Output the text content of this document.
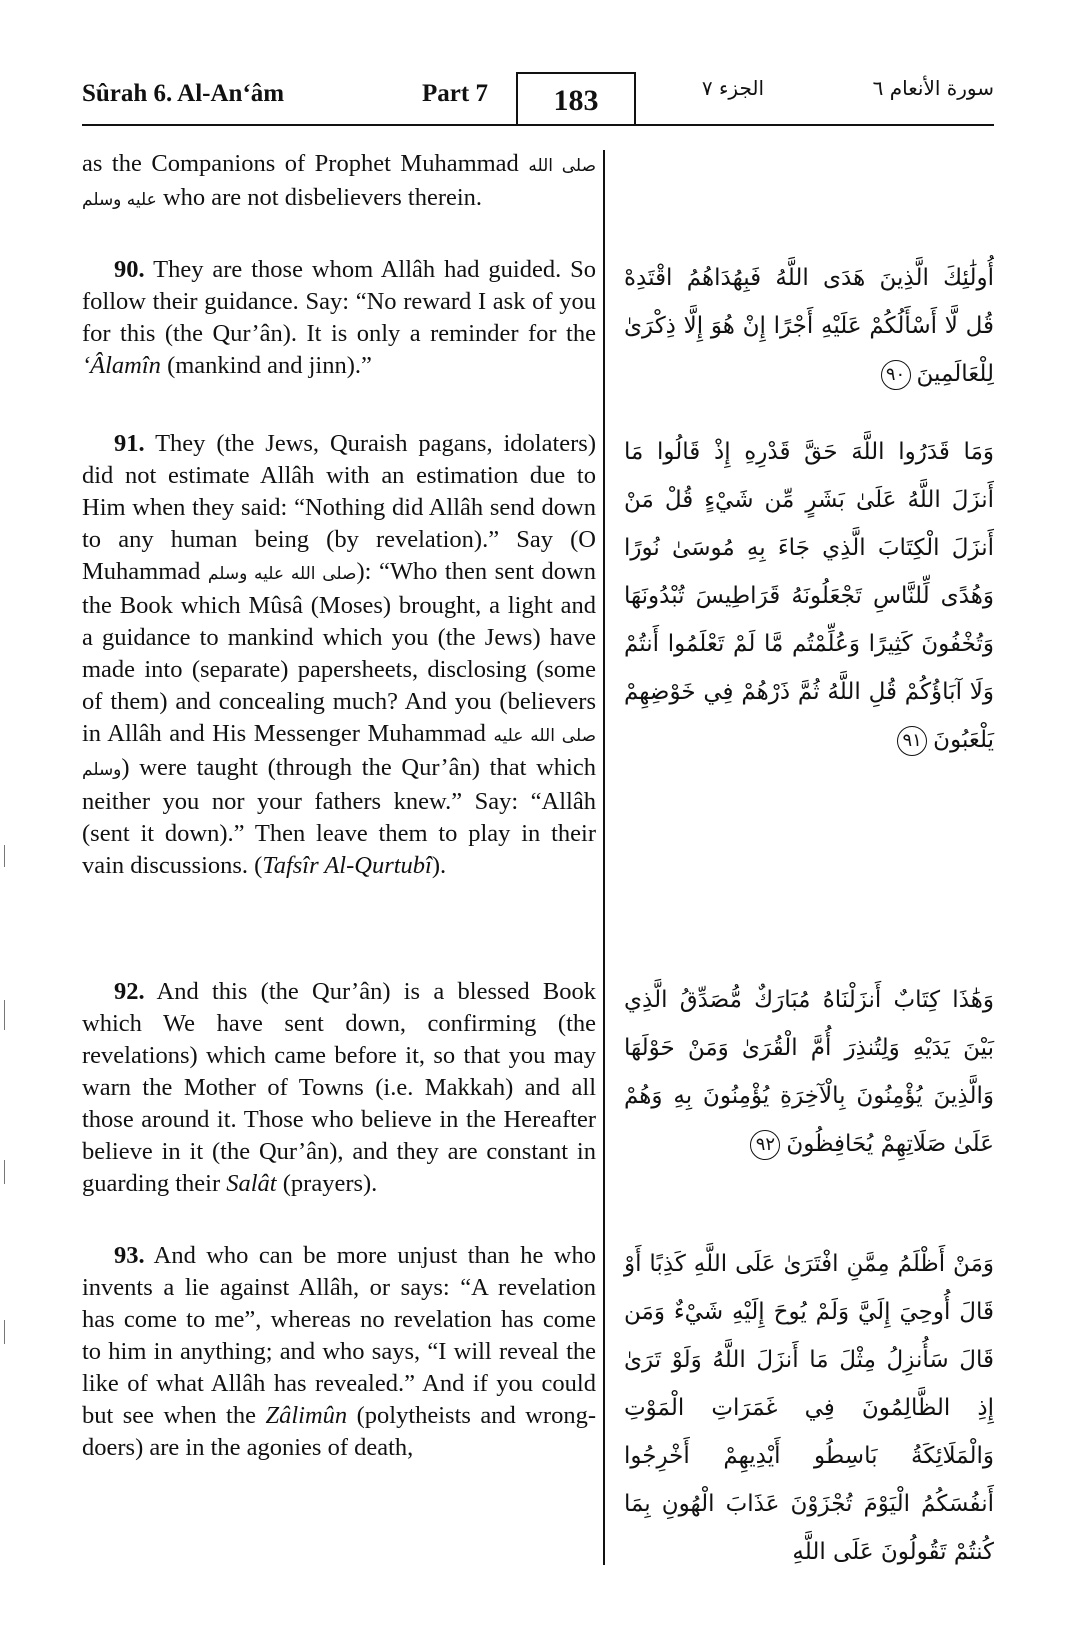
Sûrah 6. Al-An‘âm	Part 7	183	الجزء ٧	سورة الأنعام ٦

as the Companions of Prophet Muhammad صلى الله عليه وسلم who are not disbelievers therein.

90. They are those whom Allâh had guided. So follow their guidance. Say: “No reward I ask of you for this (the Qur’ân). It is only a reminder for the ‘Âlamîn (mankind and jinn).”

91. They (the Jews, Quraish pagans, idolaters) did not estimate Allâh with an estimation due to Him when they said: “Nothing did Allâh send down to any human being (by revelation).” Say (O Muhammad صلى الله عليه وسلم): “Who then sent down the Book which Mûsâ (Moses) brought, a light and a guidance to mankind which you (the Jews) have made into (separate) papersheets, disclosing (some of them) and concealing much? And you (believers in Allâh and His Messenger Muhammad صلى الله عليه وسلم) were taught (through the Qur’ân) that which neither you nor your fathers knew.” Say: “Allâh (sent it down).” Then leave them to play in their vain discussions. (Tafsîr Al-Qurtubî).

92. And this (the Qur’ân) is a blessed Book which We have sent down, confirming (the revelations) which came before it, so that you may warn the Mother of Towns (i.e. Makkah) and all those around it. Those who believe in the Hereafter believe in it (the Qur’ân), and they are constant in guarding their Salât (prayers).

93. And who can be more unjust than he who invents a lie against Allâh, or says: “A revelation has come to me”, whereas no revelation has come to him in anything; and who says, “I will reveal the like of what Allâh has revealed.” And if you could but see when the Zâlimûn (polytheists and wrong-doers) are in the agonies of death,

أُولَٰئِكَ الَّذِينَ هَدَى اللَّهُ فَبِهُدَاهُمُ اقْتَدِهْ قُل لَّا أَسْأَلُكُمْ عَلَيْهِ أَجْرًا إِنْ هُوَ إِلَّا ذِكْرَىٰ لِلْعَالَمِينَ٩٠
وَمَا قَدَرُوا اللَّهَ حَقَّ قَدْرِهِ إِذْ قَالُوا مَا أَنزَلَ اللَّهُ عَلَىٰ بَشَرٍ مِّن شَيْءٍ قُلْ مَنْ أَنزَلَ الْكِتَابَ الَّذِي جَاءَ بِهِ مُوسَىٰ نُورًا وَهُدًى لِّلنَّاسِ تَجْعَلُونَهُ قَرَاطِيسَ تُبْدُونَهَا وَتُخْفُونَ كَثِيرًا وَعُلِّمْتُم مَّا لَمْ تَعْلَمُوا أَنتُمْ وَلَا آبَاؤُكُمْ قُلِ اللَّهُ ثُمَّ ذَرْهُمْ فِي خَوْضِهِمْ يَلْعَبُونَ٩١
وَهَٰذَا كِتَابٌ أَنزَلْنَاهُ مُبَارَكٌ مُّصَدِّقُ الَّذِي بَيْنَ يَدَيْهِ وَلِتُنذِرَ أُمَّ الْقُرَىٰ وَمَنْ حَوْلَهَا وَالَّذِينَ يُؤْمِنُونَ بِالْآخِرَةِ يُؤْمِنُونَ بِهِ وَهُمْ عَلَىٰ صَلَاتِهِمْ يُحَافِظُونَ٩٢
وَمَنْ أَظْلَمُ مِمَّنِ افْتَرَىٰ عَلَى اللَّهِ كَذِبًا أَوْ قَالَ أُوحِيَ إِلَيَّ وَلَمْ يُوحَ إِلَيْهِ شَيْءٌ وَمَن قَالَ سَأُنزِلُ مِثْلَ مَا أَنزَلَ اللَّهُ وَلَوْ تَرَىٰ إِذِ الظَّالِمُونَ فِي غَمَرَاتِ الْمَوْتِ وَالْمَلَائِكَةُ بَاسِطُو أَيْدِيهِمْ أَخْرِجُوا أَنفُسَكُمُ الْيَوْمَ تُجْزَوْنَ عَذَابَ الْهُونِ بِمَا كُنتُمْ تَقُولُونَ عَلَى اللَّهِ
